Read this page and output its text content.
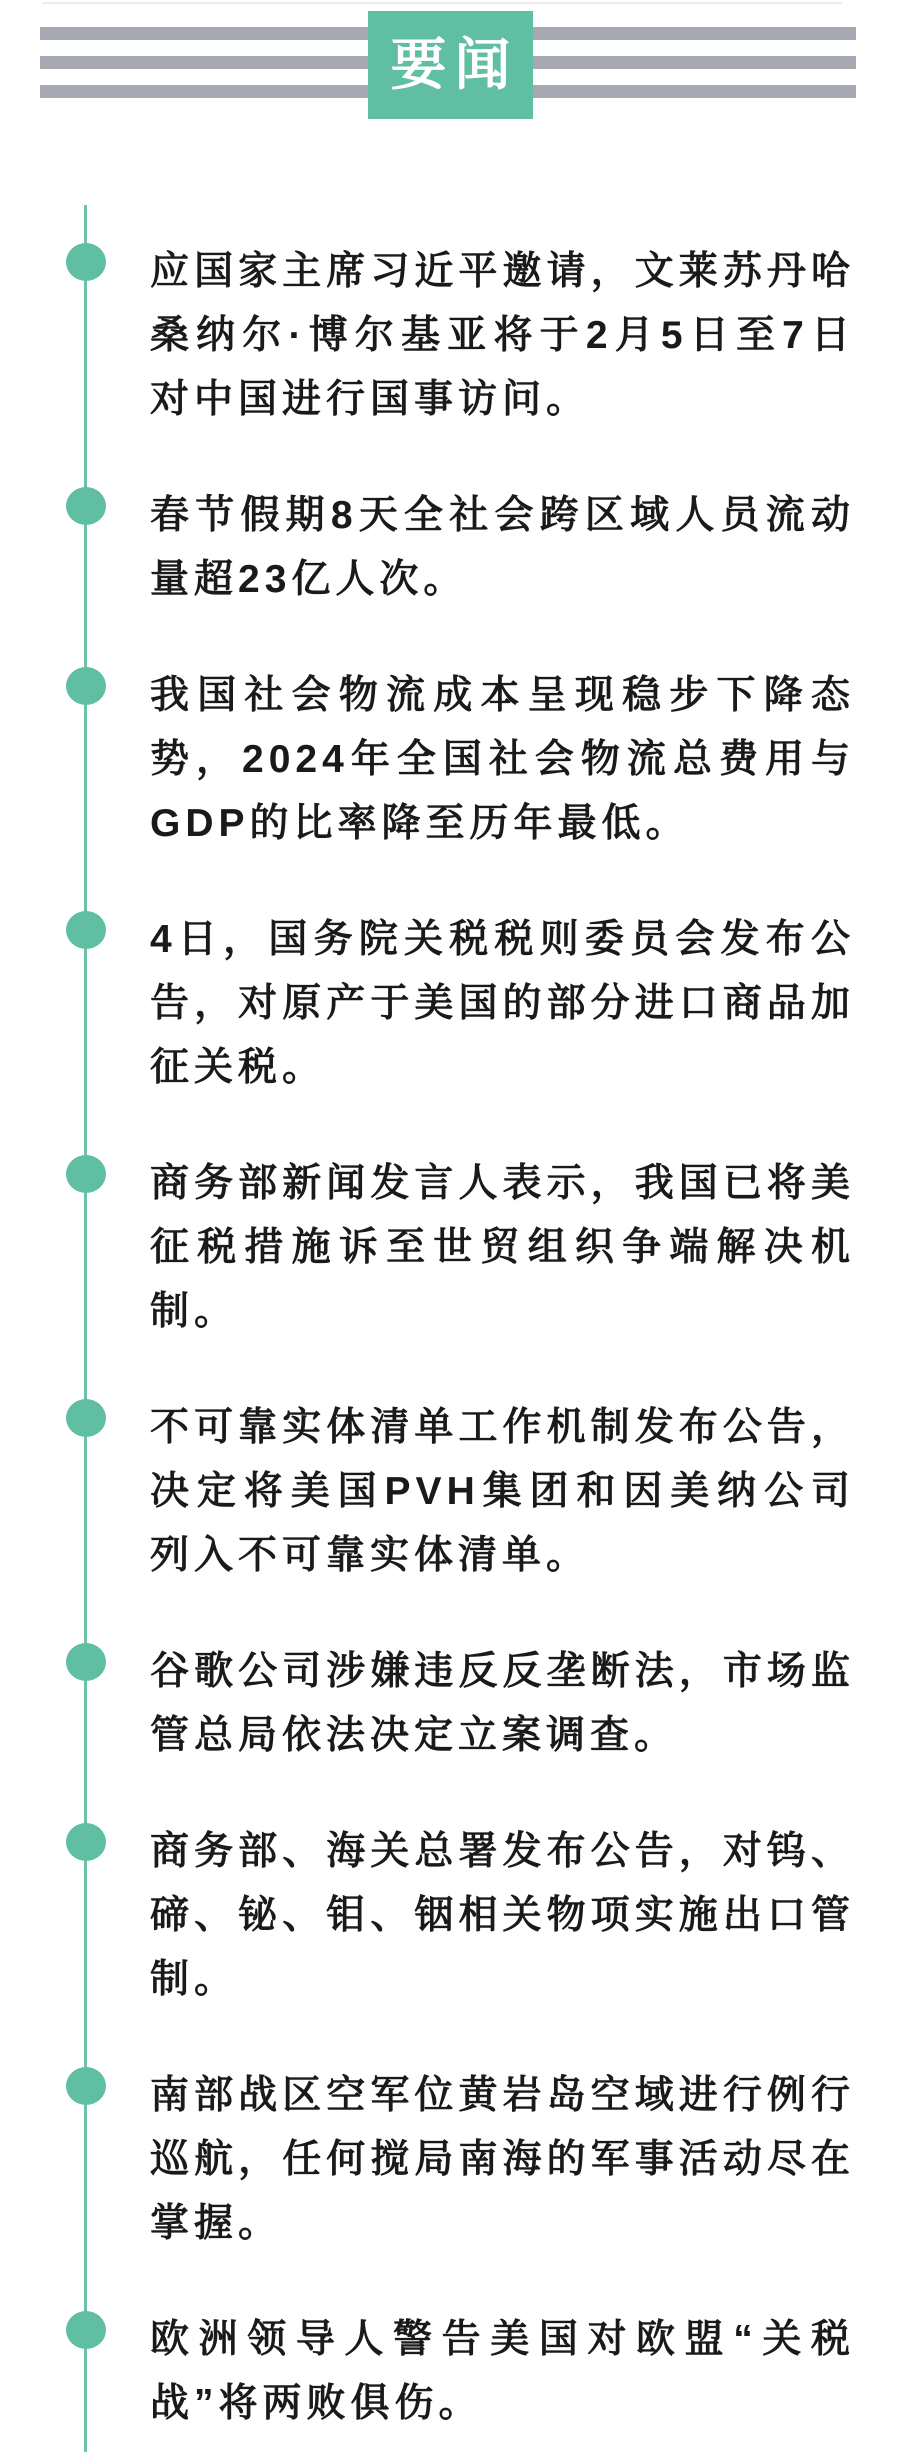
要闻
应国家主席习近平邀请，文莱苏丹哈桑纳尔·博尔基亚将于2月5日至7日对中国进行国事访问。
春节假期8天全社会跨区域人员流动量超23亿人次。
我国社会物流成本呈现稳步下降态势，2024年全国社会物流总费用与GDP的比率降至历年最低。
4日，国务院关税税则委员会发布公告，对原产于美国的部分进口商品加征关税。
商务部新闻发言人表示，我国已将美征税措施诉至世贸组织争端解决机制。
不可靠实体清单工作机制发布公告，决定将美国PVH集团和因美纳公司列入不可靠实体清单。
谷歌公司涉嫌违反反垄断法，市场监管总局依法决定立案调查。
商务部、海关总署发布公告，对钨、碲、铋、钼、铟相关物项实施出口管制。
南部战区空军位黄岩岛空域进行例行巡航，任何搅局南海的军事活动尽在掌握。
欧洲领导人警告美国对欧盟“关税战”将两败俱伤。
